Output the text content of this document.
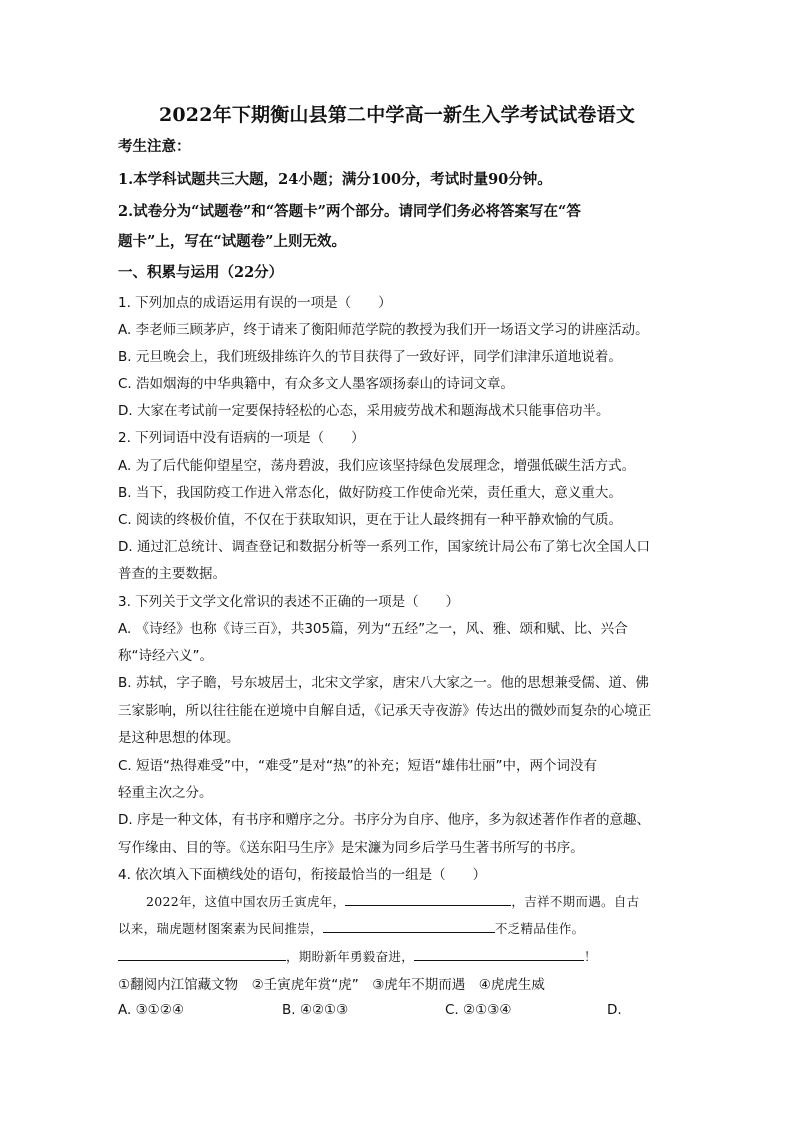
2022年下期衡山县第二中学高一新生入学考试试卷语文
考生注意：
1.本学科试题共三大题，24小题；满分100分，考试时量90分钟。
2.试卷分为“试题卷”和“答题卡”两个部分。请同学们务必将答案写在“答
题卡”上，写在“试题卷”上则无效。
一、积累与运用（22分）
1. 下列加点的成语运用有误的一项是（　　）
A. 李老师三顾茅庐，终于请来了衡阳师范学院的教授为我们开一场语文学习的讲座活动。
B. 元旦晚会上，我们班级排练许久的节目获得了一致好评，同学们津津乐道地说着。
C. 浩如烟海的中华典籍中，有众多文人墨客颂扬泰山的诗词文章。
D. 大家在考试前一定要保持轻松的心态，采用疲劳战术和题海战术只能事倍功半。
2. 下列词语中没有语病的一项是（　　）
A. 为了后代能仰望星空，荡舟碧波，我们应该坚持绿色发展理念，增强低碳生活方式。
B. 当下，我国防疫工作进入常态化，做好防疫工作使命光荣，责任重大，意义重大。
C. 阅读的终极价值，不仅在于获取知识，更在于让人最终拥有一种平静欢愉的气质。
D. 通过汇总统计、调查登记和数据分析等一系列工作，国家统计局公布了第七次全国人口
普查的主要数据。
3. 下列关于文学文化常识的表述不正确的一项是（　　）
A. 《诗经》也称《诗三百》，共305篇，列为“五经”之一，风、雅、颂和赋、比、兴合
称“诗经六义”。
B. 苏轼，字子瞻，号东坡居士，北宋文学家，唐宋八大家之一。他的思想兼受儒、道、佛
三家影响，所以往往能在逆境中自解自适，《记承天寺夜游》传达出的微妙而复杂的心境正
是这种思想的体现。
C. 短语“热得难受”中，“难受”是对“热”的补充；短语“雄伟壮丽”中，两个词没有
轻重主次之分。
D. 序是一种文体，有书序和赠序之分。书序分为自序、他序，多为叙述著作作者的意趣、
写作缘由、目的等。《送东阳马生序》是宋濂为同乡后学马生著书所写的书序。
4. 依次填入下面横线处的语句，衔接最恰当的一组是（　　）
2022年，这值中国农历壬寅虎年，	，吉祥不期而遇。自古
以来，瑞虎题材图案素为民间推崇，	不乏精品佳作。
，期盼新年勇毅奋进，	！
①翻阅内江馆藏文物　②壬寅虎年赏“虎”　③虎年不期而遇　④虎虎生威
A. ③①②④	B. ④②①③	C. ②①③④	D.
